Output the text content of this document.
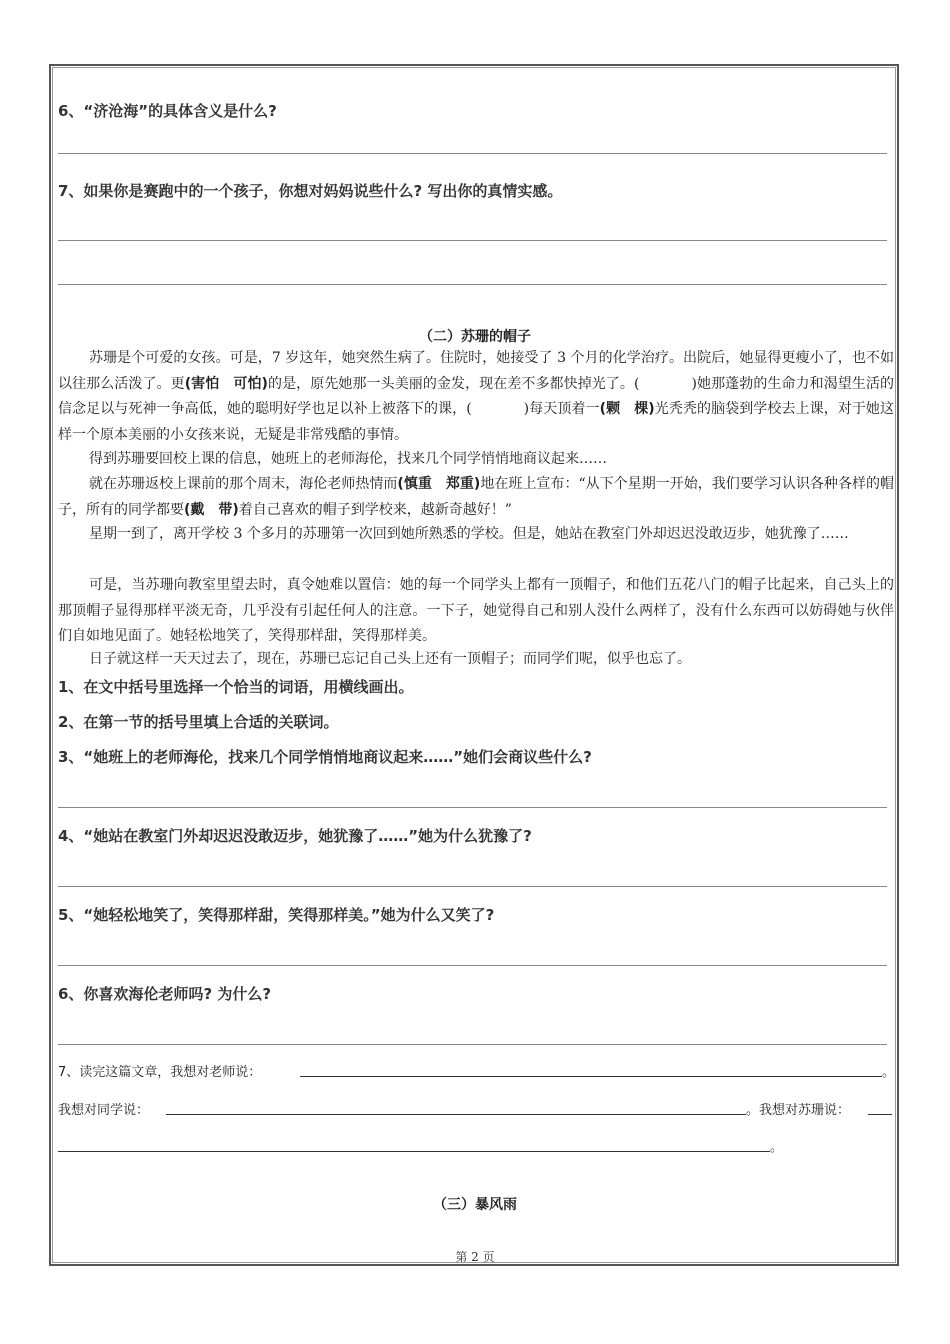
6、“济沧海”的具体含义是什么?
7、如果你是赛跑中的一个孩子，你想对妈妈说些什么? 写出你的真情实感。
（二）苏珊的帽子
苏珊是个可爱的女孩。可是，7 岁这年，她突然生病了。住院时，她接受了 3 个月的化学治疗。出院后，她显得更瘦小了，也不如以往那么活泼了。更(害怕　可怕)的是，原先她那一头美丽的金发，现在差不多都快掉光了。(	)她那蓬勃的生命力和渴望生活的信念足以与死神一争高低，她的聪明好学也足以补上被落下的课，(	)每天顶着一(颗　棵)光秃秃的脑袋到学校去上课，对于她这样一个原本美丽的小女孩来说，无疑是非常残酷的事情。
得到苏珊要回校上课的信息，她班上的老师海伦，找来几个同学悄悄地商议起来……
就在苏珊返校上课前的那个周末，海伦老师热情而(慎重　郑重)地在班上宣布：“从下个星期一开始，我们要学习认识各种各样的帽子，所有的同学都要(戴　带)着自己喜欢的帽子到学校来，越新奇越好！”
星期一到了，离开学校 3 个多月的苏珊第一次回到她所熟悉的学校。但是，她站在教室门外却迟迟没敢迈步，她犹豫了……
可是，当苏珊向教室里望去时，真令她难以置信：她的每一个同学头上都有一顶帽子，和他们五花八门的帽子比起来，自己头上的那顶帽子显得那样平淡无奇，几乎没有引起任何人的注意。一下子，她觉得自己和别人没什么两样了，没有什么东西可以妨碍她与伙伴们自如地见面了。她轻松地笑了，笑得那样甜，笑得那样美。
日子就这样一天天过去了，现在，苏珊已忘记自己头上还有一顶帽子；而同学们呢，似乎也忘了。
1、在文中括号里选择一个恰当的词语，用横线画出。
2、在第一节的括号里填上合适的关联词。
3、“她班上的老师海伦，找来几个同学悄悄地商议起来……”她们会商议些什么?
4、“她站在教室门外却迟迟没敢迈步，她犹豫了……”她为什么犹豫了?
5、“她轻松地笑了，笑得那样甜，笑得那样美。”她为什么又笑了?
6、你喜欢海伦老师吗? 为什么?
7、读完这篇文章，我想对老师说：	。
我想对同学说：	。我想对苏珊说：
。
（三）暴风雨
第 2 页
